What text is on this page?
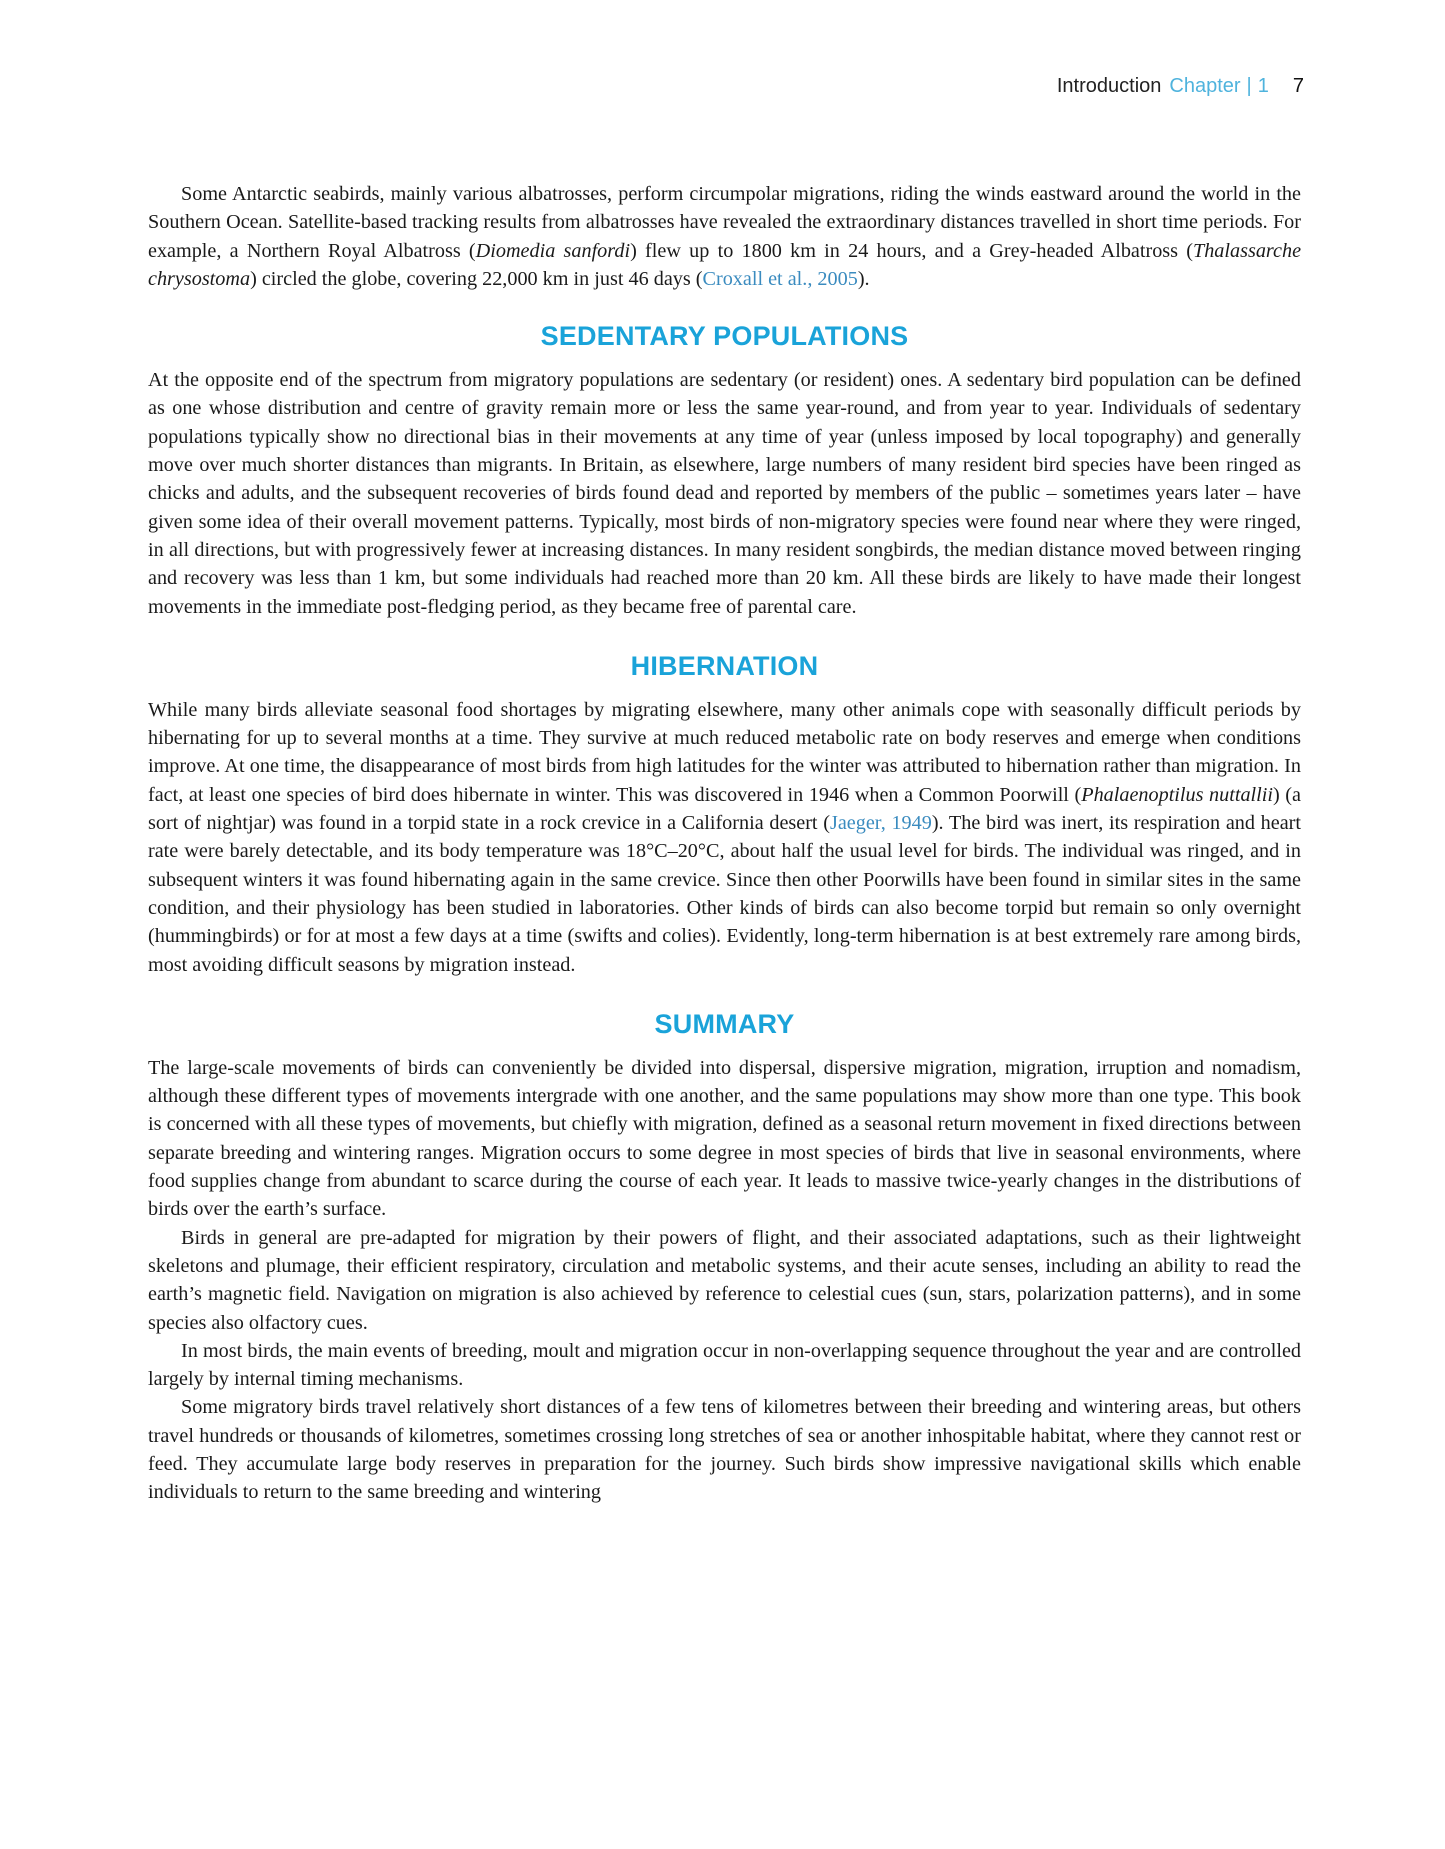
Introduction Chapter | 1 7

Some Antarctic seabirds, mainly various albatrosses, perform circumpolar migrations, riding the winds eastward around the world in the Southern Ocean. Satellite-based tracking results from albatrosses have revealed the extraordinary distances travelled in short time periods. For example, a Northern Royal Albatross (Diomedia sanfordi) flew up to 1800 km in 24 hours, and a Grey-headed Albatross (Thalassarche chrysostoma) circled the globe, covering 22,000 km in just 46 days (Croxall et al., 2005).

SEDENTARY POPULATIONS

At the opposite end of the spectrum from migratory populations are sedentary (or resident) ones. A sedentary bird population can be defined as one whose distribution and centre of gravity remain more or less the same year-round, and from year to year. Individuals of sedentary populations typically show no directional bias in their movements at any time of year (unless imposed by local topography) and generally move over much shorter distances than migrants. In Britain, as elsewhere, large numbers of many resident bird species have been ringed as chicks and adults, and the subsequent recoveries of birds found dead and reported by members of the public – sometimes years later – have given some idea of their overall movement patterns. Typically, most birds of non-migratory species were found near where they were ringed, in all directions, but with progressively fewer at increasing distances. In many resident songbirds, the median distance moved between ringing and recovery was less than 1 km, but some individuals had reached more than 20 km. All these birds are likely to have made their longest movements in the immediate post-fledging period, as they became free of parental care.

HIBERNATION

While many birds alleviate seasonal food shortages by migrating elsewhere, many other animals cope with seasonally difficult periods by hibernating for up to several months at a time. They survive at much reduced metabolic rate on body reserves and emerge when conditions improve. At one time, the disappearance of most birds from high latitudes for the winter was attributed to hibernation rather than migration. In fact, at least one species of bird does hibernate in winter. This was discovered in 1946 when a Common Poorwill (Phalaenoptilus nuttallii) (a sort of nightjar) was found in a torpid state in a rock crevice in a California desert (Jaeger, 1949). The bird was inert, its respiration and heart rate were barely detectable, and its body temperature was 18°C–20°C, about half the usual level for birds. The individual was ringed, and in subsequent winters it was found hibernating again in the same crevice. Since then other Poorwills have been found in similar sites in the same condition, and their physiology has been studied in laboratories. Other kinds of birds can also become torpid but remain so only overnight (hummingbirds) or for at most a few days at a time (swifts and colies). Evidently, long-term hibernation is at best extremely rare among birds, most avoiding difficult seasons by migration instead.

SUMMARY

The large-scale movements of birds can conveniently be divided into dispersal, dispersive migration, migration, irruption and nomadism, although these different types of movements intergrade with one another, and the same populations may show more than one type. This book is concerned with all these types of movements, but chiefly with migration, defined as a seasonal return movement in fixed directions between separate breeding and wintering ranges. Migration occurs to some degree in most species of birds that live in seasonal environments, where food supplies change from abundant to scarce during the course of each year. It leads to massive twice-yearly changes in the distributions of birds over the earth’s surface.

Birds in general are pre-adapted for migration by their powers of flight, and their associated adaptations, such as their lightweight skeletons and plumage, their efficient respiratory, circulation and metabolic systems, and their acute senses, including an ability to read the earth’s magnetic field. Navigation on migration is also achieved by reference to celestial cues (sun, stars, polarization patterns), and in some species also olfactory cues.

In most birds, the main events of breeding, moult and migration occur in non-overlapping sequence throughout the year and are controlled largely by internal timing mechanisms.

Some migratory birds travel relatively short distances of a few tens of kilometres between their breeding and wintering areas, but others travel hundreds or thousands of kilometres, sometimes crossing long stretches of sea or another inhospitable habitat, where they cannot rest or feed. They accumulate large body reserves in preparation for the journey. Such birds show impressive navigational skills which enable individuals to return to the same breeding and wintering
